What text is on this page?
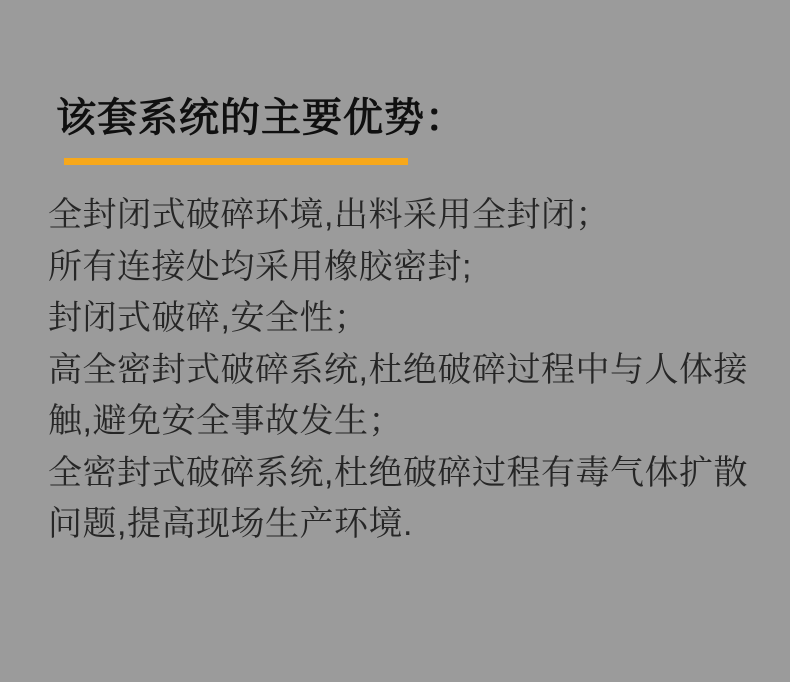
该套系统的主要优势：
全封闭式破碎环境,出料采用全封闭；
所有连接处均采用橡胶密封;
封闭式破碎,安全性；
高全密封式破碎系统,杜绝破碎过程中与人体接
触,避免安全事故发生；
全密封式破碎系统,杜绝破碎过程有毒气体扩散
问题,提高现场生产环境.
